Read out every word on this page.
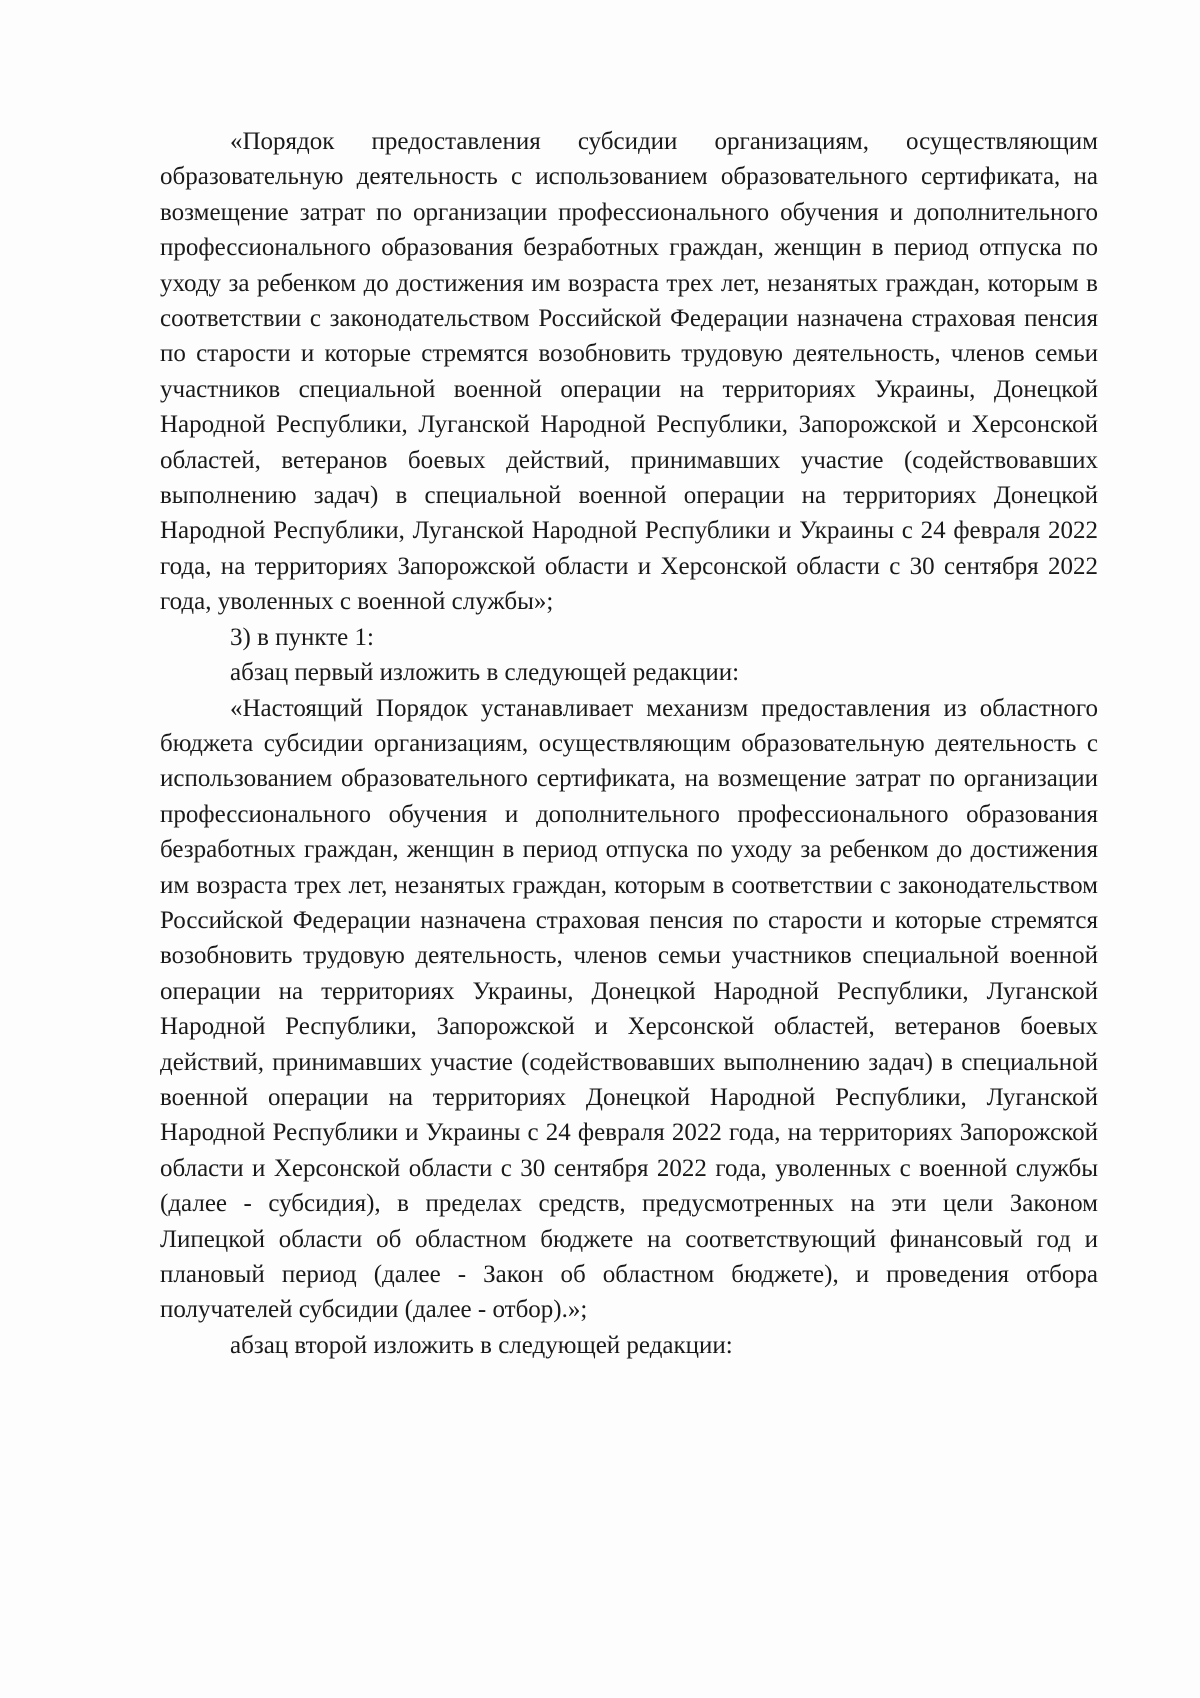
«Порядок предоставления субсидии организациям, осуществляющим образовательную деятельность с использованием образовательного сертификата, на возмещение затрат по организации профессионального обучения и дополнительного профессионального образования безработных граждан, женщин в период отпуска по уходу за ребенком до достижения им возраста трех лет, незанятых граждан, которым в соответствии с законодательством Российской Федерации назначена страховая пенсия по старости и которые стремятся возобновить трудовую деятельность, членов семьи участников специальной военной операции на территориях Украины, Донецкой Народной Республики, Луганской Народной Республики, Запорожской и Херсонской областей, ветеранов боевых действий, принимавших участие (содействовавших выполнению задач) в специальной военной операции на территориях Донецкой Народной Республики, Луганской Народной Республики и Украины с 24 февраля 2022 года, на территориях Запорожской области и Херсонской области с 30 сентября 2022 года, уволенных с военной службы»;

3) в пункте 1:

абзац первый изложить в следующей редакции:

«Настоящий Порядок устанавливает механизм предоставления из областного бюджета субсидии организациям, осуществляющим образовательную деятельность с использованием образовательного сертификата, на возмещение затрат по организации профессионального обучения и дополнительного профессионального образования безработных граждан, женщин в период отпуска по уходу за ребенком до достижения им возраста трех лет, незанятых граждан, которым в соответствии с законодательством Российской Федерации назначена страховая пенсия по старости и которые стремятся возобновить трудовую деятельность, членов семьи участников специальной военной операции на территориях Украины, Донецкой Народной Республики, Луганской Народной Республики, Запорожской и Херсонской областей, ветеранов боевых действий, принимавших участие (содействовавших выполнению задач) в специальной военной операции на территориях Донецкой Народной Республики, Луганской Народной Республики и Украины с 24 февраля 2022 года, на территориях Запорожской области и Херсонской области с 30 сентября 2022 года, уволенных с военной службы (далее - субсидия), в пределах средств, предусмотренных на эти цели Законом Липецкой области об областном бюджете на соответствующий финансовый год и плановый период (далее - Закон об областном бюджете), и проведения отбора получателей субсидии (далее - отбор).»;

абзац второй изложить в следующей редакции:
